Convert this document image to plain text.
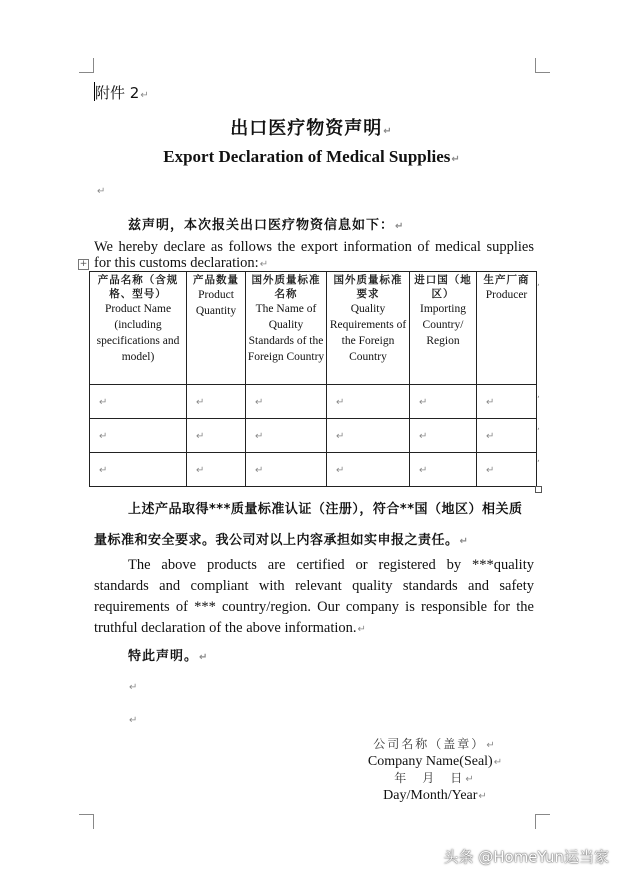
附件 2↵
出口医疗物资声明↵
Export Declaration of Medical Supplies↵
↵
兹声明，本次报关出口医疗物资信息如下：↵
We hereby declare as follows the export information of medical supplies for this customs declaration:↵
+
产品名称（含规格、型号）
Product Name (including specifications and model)	产品数量
Product Quantity	国外质量标准名称
The Name of Quality Standards of the Foreign Country	国外质量标准要求
Quality Requirements of the Foreign Country	进口国（地区）
Importing Country/ Region	生产厂商
Producer

↵	↵	↵	↵	↵	↵
↵	↵	↵	↵	↵	↵
↵	↵	↵	↵	↵	↵
,
,
,
,
上述产品取得***质量标准认证（注册），符合**国（地区）相关质量标准和安全要求。我公司对以上内容承担如实申报之责任。↵
The above products are certified or registered by ***quality standards and compliant with relevant quality standards and safety requirements of *** country/region. Our company is responsible for the truthful declaration of the above information.↵
特此声明。↵
↵
↵
公司名称（盖章）↵
Company Name(Seal)↵
年　月　日↵
Day/Month/Year↵
头条 @HomeYun运当家
